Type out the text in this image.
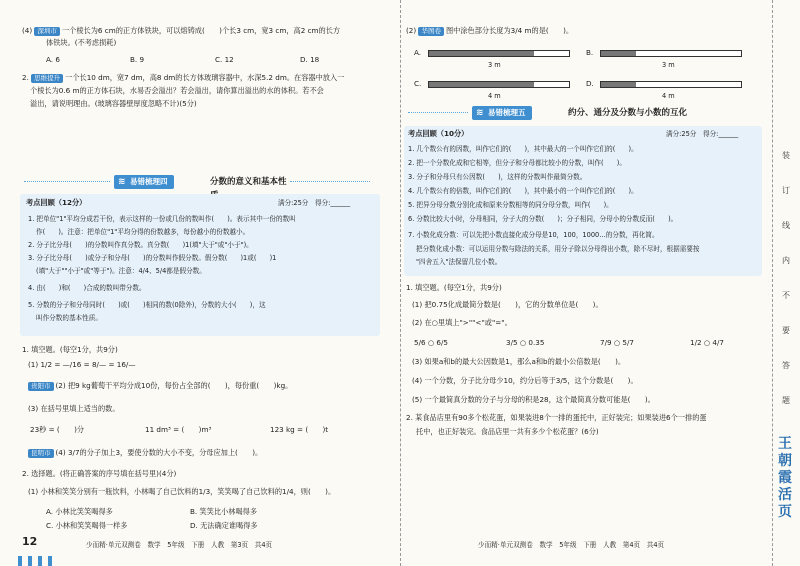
(4) 深圳市 一个棱长为6 cm的正方体铁块，可以熔铸成(　　)个长3 cm，宽3 cm，高2 cm的长方
体铁块。(不考虑损耗)
A. 6	B. 9	C. 12	D. 18
2. 思维提升 一个长10 dm，宽7 dm，高8 dm的长方体玻璃容器中，水深5.2 dm。在容器中放入一
个棱长为0.6 m的正方体石块，水易否会溢出？若会溢出，请你算出溢出的水的体积。若不会
溢出，请说明理由。(玻璃容器壁厚度忽略不计)(5分)
≋ 易错梳理四	分数的意义和基本性
考点回顾（12分）	满分:25分　得分:______
1. 把单位"1"平均分成若干份，表示这样的一份或几份的数叫作(　　)。表示其中一份的数叫
作(　　)。注意：把单位"1"平均分得的份数越多，每份越小的份数越小。
2. 分子比分母(　　)的分数叫作真分数。真分数(　　)1(填"大于"或"小于")。
3. 分子比分母(　　)或分子和分母(　　)的分数叫作假分数。假分数(　　)1或(　　)1
(填"大于""小于"或"等于")。注意：4/4、5/4都是假分数。
4. 由(　　)和(　　)合成的数叫带分数。
5. 分数的分子和分母同时(　　)或(　　)相同的数(0除外)，分数的大小(　　)，这
叫作分数的基本性质。
1. 填空题。(每空1分，共9分)
(1) 1/2 = —/16 = 8/— = 16/—
贵阳市 (2) 把9 kg葡萄干平均分成10份，每份占全部的(　　)，每份重(　　)kg。
(3) 在括号里填上适当的数。
23秒 = (　　)分	11 dm³ = (　　)m³	123 kg = (　　)t
昆明市 (4) 3/7的分子加上3，要使分数的大小不变，分母应加上(　　)。
2. 选择题。(将正确答案的序号填在括号里)(4分)
(1) 小林和笑笑分别有一瓶饮料，小林喝了自己饮料的1/3，笑笑喝了自己饮料的1/4，则(　　)。
A. 小林比笑笑喝得多	B. 笑笑比小林喝得多
C. 小林和笑笑喝得一样多	D. 无法确定谁喝得多
12	少而精·单元双测卷　数学　5年级　下册　人教　第3页　共4页
(2) 华图卷 图中涂色部分长度为3/4 m的是(　　)。
A.
3 m
B.
3 m
C.
4 m
D.
4 m
≋ 易错梳理五	约分、通分及分数与小数的互化
考点回顾（10分）	满分:25分　得分:______
1. 几个数公有的因数，叫作它们的(　　)，其中最大的一个叫作它们的(　　)。
2. 把一个分数化成和它相等，但分子和分母都比较小的分数，叫作(　　)。
3. 分子和分母只有公因数(　　)，这样的分数叫作最简分数。
4. 几个数公有的倍数，叫作它们的(　　)，其中最小的一个叫作它们的(　　)。
5. 把异分母分数分别化成和原来分数相等的同分母分数，叫作(　　)。
6. 分数比较大小时，分母相同，分子大的分数(　　)；分子相同，分母小的分数反而(　　)。
7. 小数化成分数：可以先把小数直接化成分母是10，100，1000…的分数，再化简。
把分数化成小数：可以运用分数与除法的关系，用分子除以分母得出小数，除不尽时，根据需要按
"四舍五入"法保留几位小数。
1. 填空题。(每空1分，共9分)
(1) 把0.75化成最简分数是(　　)，它的分数单位是(　　)。
(2) 在○里填上">""<"或"="。
5/6 ○ 6/5	3/5 ○ 0.35	7/9 ○ 5/7	1/2 ○ 4/7
(3) 如果a和b的最大公因数是1，那么a和b的最小公倍数是(　　)。
(4) 一个分数，分子比分母少10，约分后等于3/5，这个分数是(　　)。
(5) 一个最简真分数的分子与分母的积是28，这个最简真分数可能是(　　)。
2. 某食品店里有90多个松花蛋，如果装进8个一排的蛋托中，正好装完；如果装进6个一排的蛋
托中，也正好装完。食品店里一共有多少个松花蛋？(6分)
少而精·单元双测卷　数学　5年级　下册　人教　第4页　共4页
装
订
线
内
不
要
答
题
王朝霞活页
